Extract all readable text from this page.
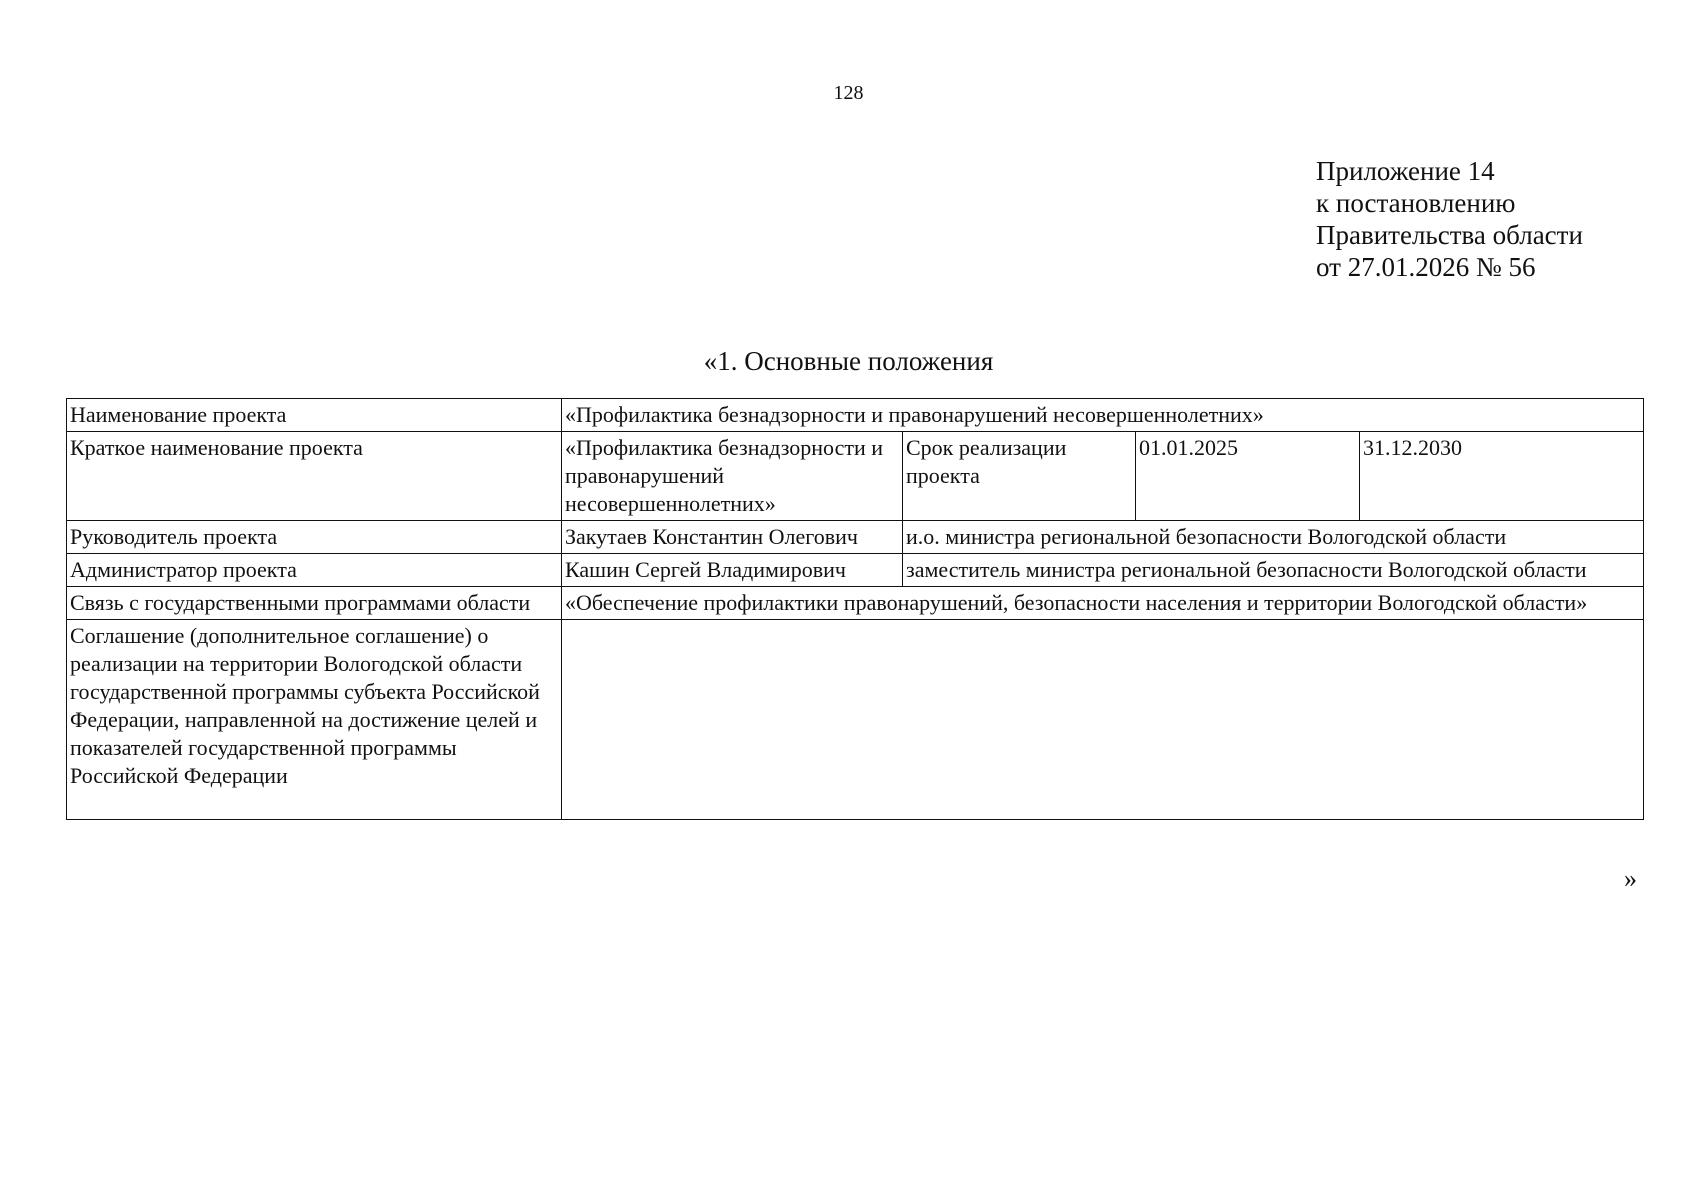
128
Приложение 14
к постановлению
Правительства области
от 27.01.2026 № 56
«1. Основные положения
Наименование проекта	«Профилактика безнадзорности и правонарушений несовершеннолетних»			
Краткое наименование проекта	«Профилактика безнадзорности и правонарушений несовершеннолетних»	Срок реализации проекта	01.01.2025	31.12.2030
Руководитель проекта	Закутаев Константин Олегович	и.о. министра региональной безопасности Вологодской области		
Администратор проекта	Кашин Сергей Владимирович	заместитель министра региональной безопасности Вологодской области		
Связь с государственными программами области	«Обеспечение профилактики правонарушений, безопасности населения и территории Вологодской области»			
Соглашение (дополнительное соглашение) о реализации на территории Вологодской области государственной программы субъекта Российской Федерации, направленной на достижение целей и показателей государственной программы Российской Федерации				
»
